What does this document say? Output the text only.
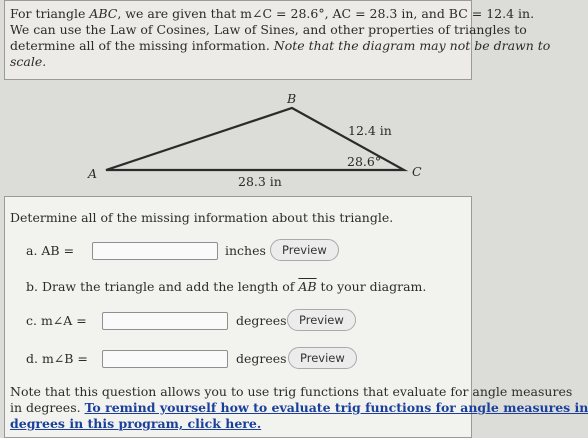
For triangle ABC, we are given that m∠C = 28.6°, AC = 28.3 in, and BC = 12.4 in.
We can use the Law of Cosines, Law of Sines, and other properties of triangles to
determine all of the missing information. Note that the diagram may not be drawn to
scale.
A
B
C
12.4 in
28.6°
28.3 in
Determine all of the missing information about this triangle.
a. AB =	inches	Preview
b. Draw the triangle and add the length of $\overline{AB}$ to your diagram.
c. m∠A =	degrees	Preview
d. m∠B =	degrees	Preview
Note that this question allows you to use trig functions that evaluate for angle measures
in degrees. To remind yourself how to evaluate trig functions for angle measures in
degrees in this program, click here.
